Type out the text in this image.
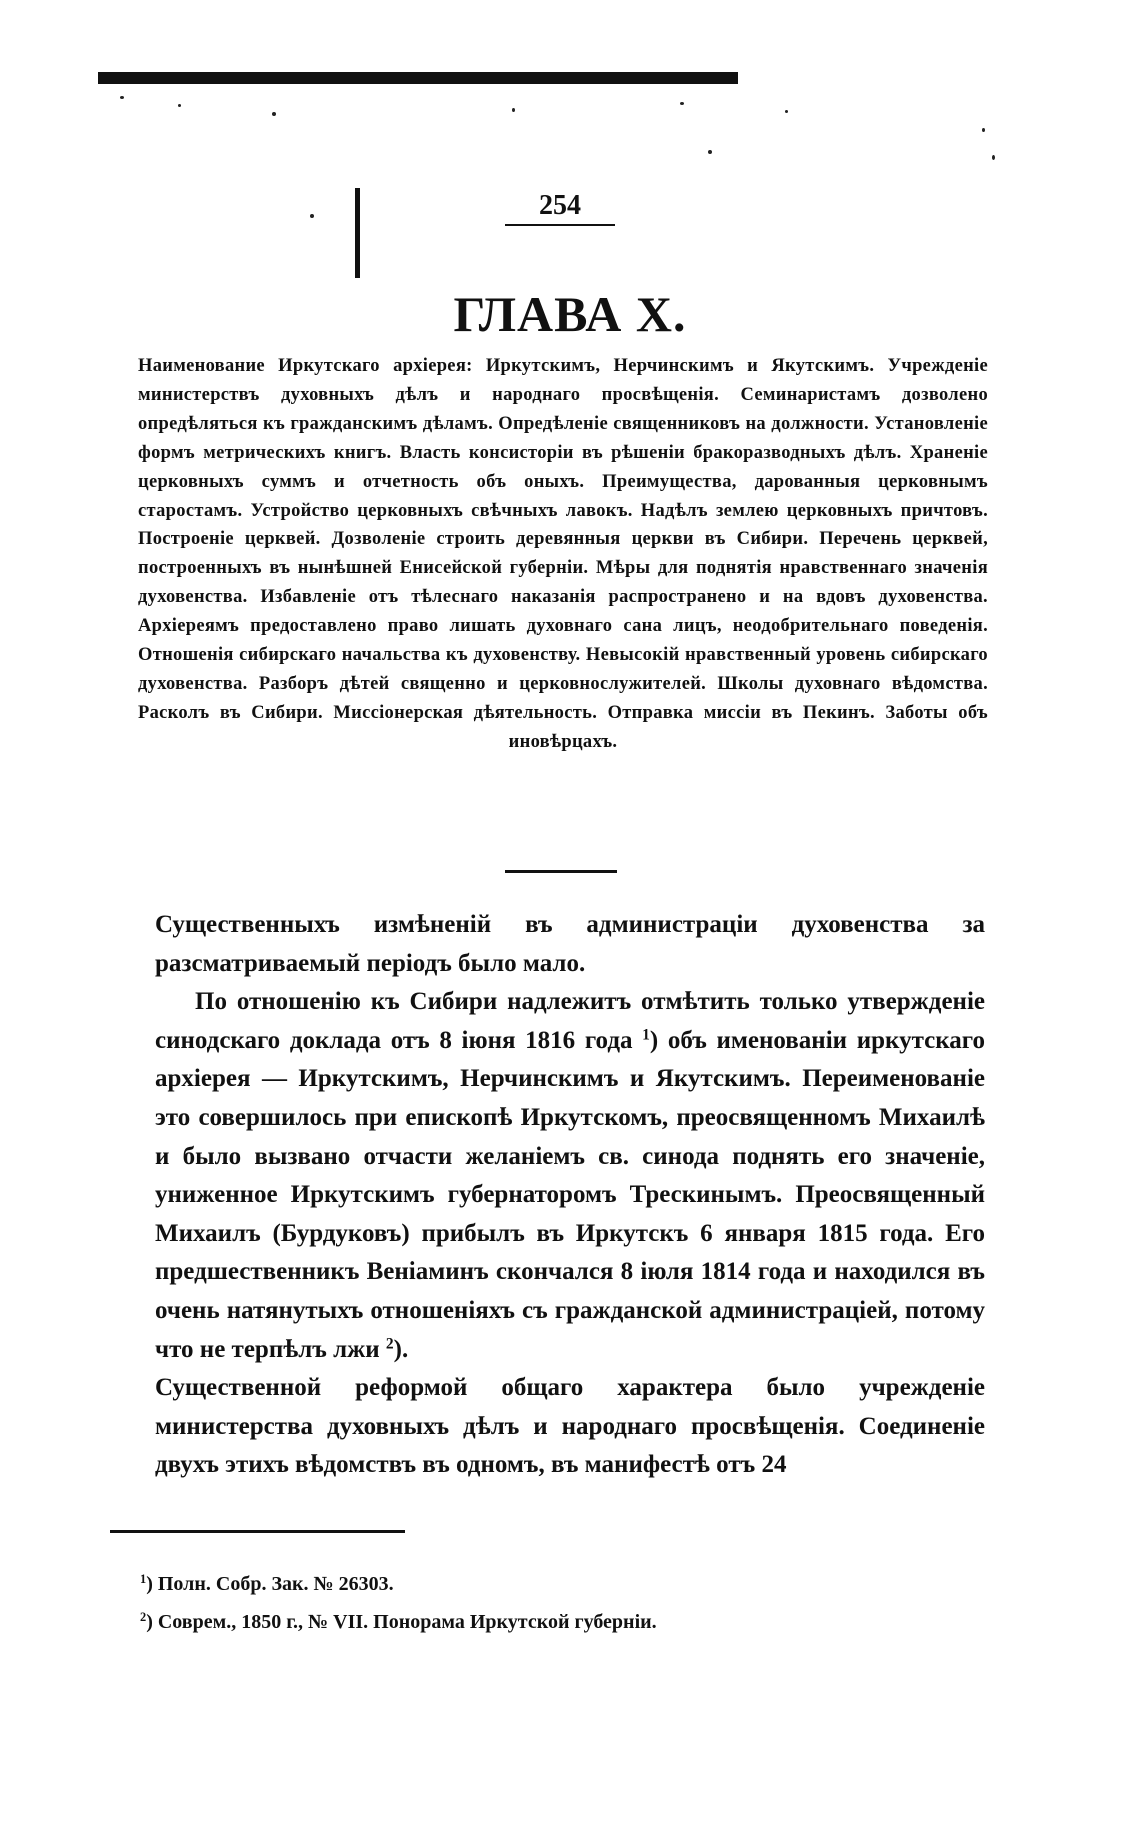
254
ГЛАВА X.
Наименование Иркутскаго архiерея: Иркутскимъ, Нерчинскимъ и Якутскимъ. Учрежденiе министерствъ духовныхъ дѣлъ и народнаго просвѣщенiя. Семинаристамъ дозволено опредѣляться къ гражданскимъ дѣламъ. Опредѣленiе священниковъ на должности. Установленiе формъ метрическихъ книгъ. Власть консисторiи въ рѣшенiи бракоразводныхъ дѣлъ. Храненiе церковныхъ суммъ и отчетность объ оныхъ. Преимущества, дарованныя церковнымъ старостамъ. Устройство церковныхъ свѣчныхъ лавокъ. Надѣлъ землею церковныхъ причтовъ. Построенiе церквей. Дозволенiе строить деревянныя церкви въ Сибири. Перечень церквей, построенныхъ въ нынѣшней Енисейской губернiи. Мѣры для поднятiя нравственнаго значенiя духовенства. Избавленiе отъ тѣлеснаго наказанiя распространено и на вдовъ духовенства. Архiереямъ предоставлено право лишать духовнаго сана лицъ, неодобрительнаго поведенiя. Отношенiя сибирскаго начальства къ духовенству. Невысокiй нравственный уровень сибирскаго духовенства. Разборъ дѣтей священно и церковнослужителей. Школы духовнаго вѣдомства. Расколъ въ Сибири. Миссiонерская дѣятельность. Отправка миссiи въ Пекинъ. Заботы объ иновѣрцахъ.

Существенныхъ измѣненiй въ администрацiи духовенства за разсматриваемый перiодъ было мало.

По отношенiю къ Сибири надлежитъ отмѣтить только утвержденiе синодскаго доклада отъ 8 iюня 1816 года $^1$) объ именованiи иркутскаго архiерея — Иркутскимъ, Нерчинскимъ и Якутскимъ. Переименованiе это совершилось при епископѣ Иркутскомъ, преосвященномъ Михаилѣ и было вызвано отчасти желанiемъ св. синода поднять его значенiе, униженное Иркутскимъ губернаторомъ Трескинымъ. Преосвященный Михаилъ (Бурдуковъ) прибылъ въ Иркутскъ 6 января 1815 года. Его предшественникъ Веніаминъ скончался 8 iюля 1814 года и находился въ очень натянутыхъ отношенiяхъ съ гражданской администрацiей, потому что не терпѣлъ лжи $^2$).

Существенной реформой общаго характера было учрежденiе министерства духовныхъ дѣлъ и народнаго просвѣщенiя. Соединенiе двухъ этихъ вѣдомствъ въ одномъ, въ манифестѣ отъ 24

$^1$) Полн. Собр. Зак. № 26303.
$^2$) Соврем., 1850 г., № VII. Понорама Иркутской губернiи.
